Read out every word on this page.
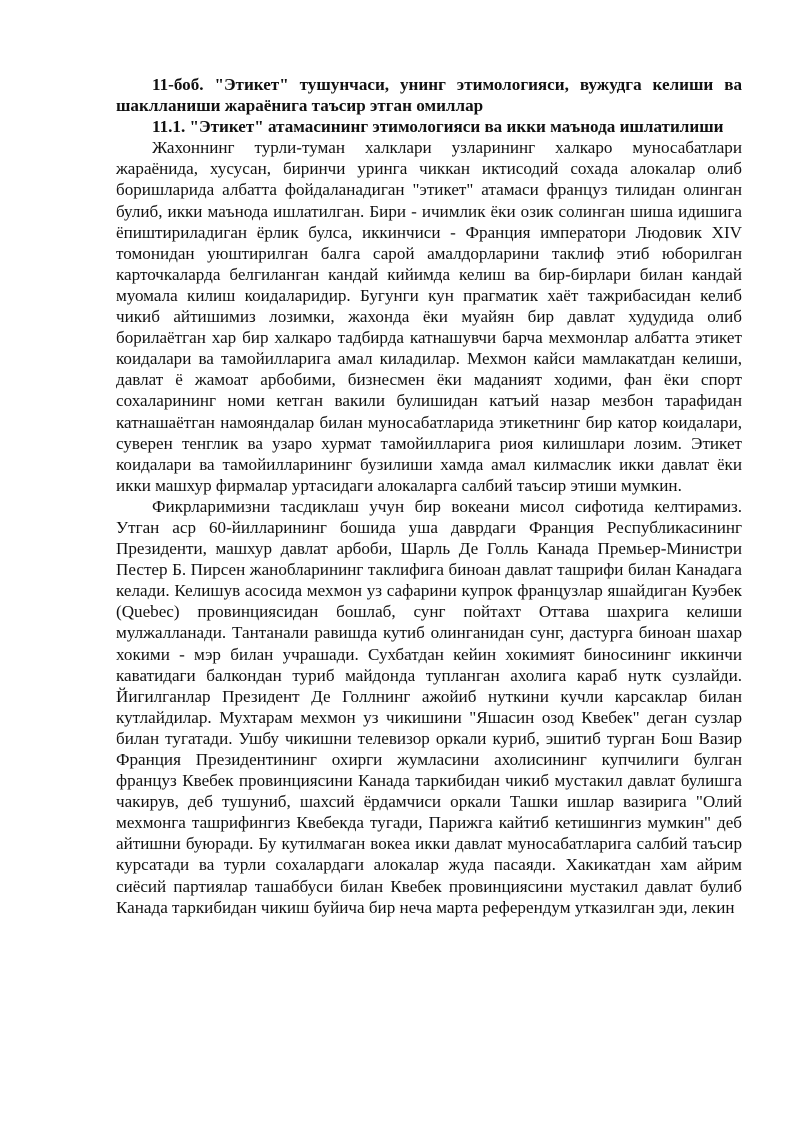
11-боб. "Этикет" тушунчаси, унинг этимологияси, вужудга келиши ва шаклланиши жараёнига таъсир этган омиллар

11.1. "Этикет" атамасининг этимологияси ва икки маънода ишлатилиши

Жахоннинг турли-туман халклари узларининг халкаро муносабатлари жараёнида, хусусан, биринчи уринга чиккан иктисодий сохада алокалар олиб боришларида албатта фойдаланадиган "этикет" атамаси француз тилидан олинган булиб, икки маънода ишлатилган. Бири - ичимлик ёки озик солинган шиша идишига ёпиштириладиган ёрлик булса, иккинчиси - Франция императори Людовик XIV томонидан уюштирилган балга сарой амалдорларини таклиф этиб юборилган карточкаларда белгиланган кандай кийимда келиш ва бир-бирлари билан кандай муомала килиш коидаларидир. Бугунги кун прагматик хаёт тажрибасидан келиб чикиб айтишимиз лозимки, жахонда ёки муайян бир давлат худудида олиб борилаётган хар бир халкаро тадбирда катнашувчи барча мехмонлар албатта этикет коидалари ва тамойилларига амал киладилар. Мехмон кайси мамлакатдан келиши, давлат ё жамоат арбобими, бизнесмен ёки маданият ходими, фан ёки спорт сохаларининг номи кетган вакили булишидан катъий назар мезбон тарафидан катнашаётган намояндалар билан муносабатларида этикетнинг бир катор коидалари, суверен тенглик ва узаро хурмат тамойилларига риоя килишлари лозим. Этикет коидалари ва тамойилларининг бузилиши хамда амал килмаслик икки давлат ёки икки машхур фирмалар уртасидаги алокаларга салбий таъсир этиши мумкин.

Фикрларимизни тасдиклаш учун бир вокеани мисол сифотида келтирамиз. Утган аср 60-йилларининг бошида уша даврдаги Франция Республикасининг Президенти, машхур давлат арбоби, Шарль Де Голль Канада Премьер-Министри Пестер Б. Пирсен жанобларининг таклифига биноан давлат ташрифи билан Канадага келади. Келишув асосида мехмон уз сафарини купрок французлар яшайдиган Куэбек (Quebec) провинциясидан бошлаб, сунг пойтахт Оттава шахрига келиши мулжалланади. Тантанали равишда кутиб олинганидан сунг, дастурга биноан шахар хокими - мэр билан учрашади. Сухбатдан кейин хокимият биносининг иккинчи каватидаги балкондан туриб майдонда тупланган ахолига караб нутк сузлайди. Йигилганлар Президент Де Голлнинг ажойиб нуткини кучли карсаклар билан кутлайдилар. Мухтарам мехмон уз чикишини "Яшасин озод Квебек" деган сузлар билан тугатади. Ушбу чикишни телевизор оркали куриб, эшитиб турган Бош Вазир Франция Президентининг охирги жумласини ахолисининг купчилиги булган француз Квебек провинциясини Канада таркибидан чикиб мустакил давлат булишга чакирув, деб тушуниб, шахсий ёрдамчиси оркали Ташки ишлар вазирига "Олий мехмонга ташрифингиз Квебекда тугади, Парижга кайтиб кетишингиз мумкин" деб айтишни буюради. Бу кутилмаган вокеа икки давлат муносабатларига салбий таъсир курсатади ва турли сохалардаги алокалар жуда пасаяди. Хакикатдан хам айрим сиёсий партиялар ташаббуси билан Квебек провинциясини мустакил давлат булиб Канада таркибидан чикиш буйича бир неча марта референдум утказилган эди, лекин
